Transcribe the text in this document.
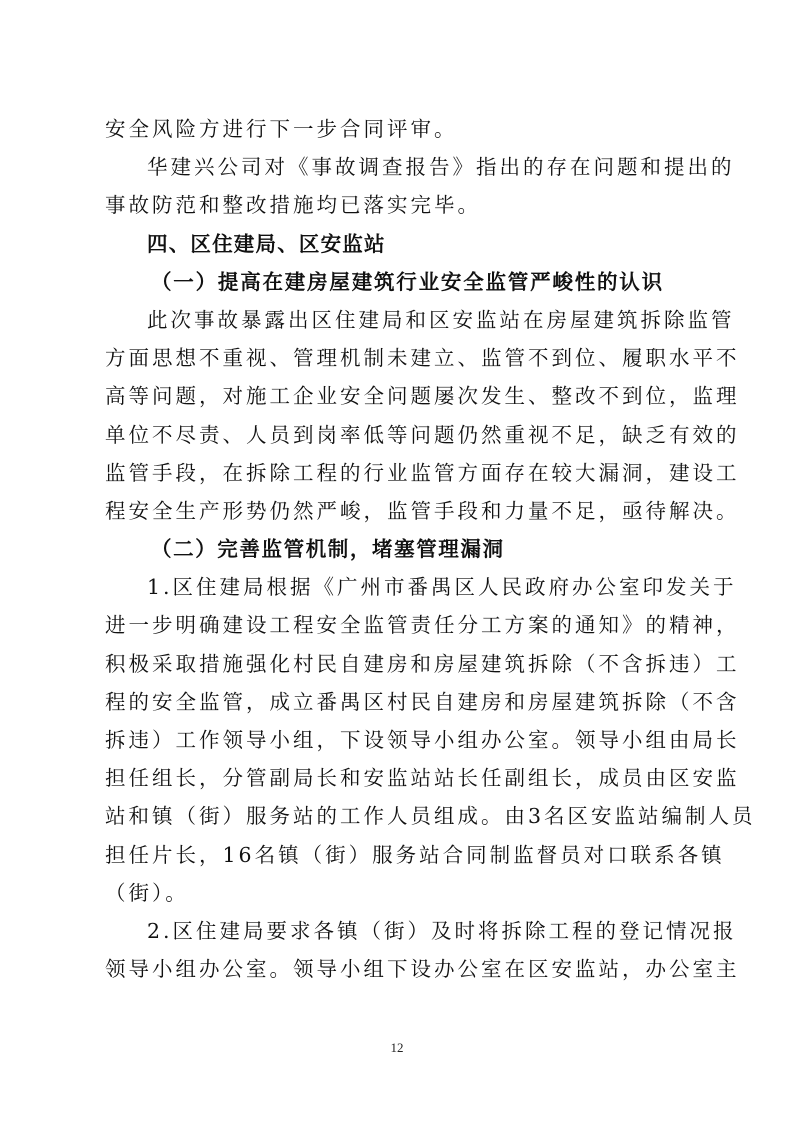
安全风险方进行下一步合同评审。
华建兴公司对《事故调查报告》指出的存在问题和提出的
事故防范和整改措施均已落实完毕。
四、区住建局、区安监站
（一）提高在建房屋建筑行业安全监管严峻性的认识
此次事故暴露出区住建局和区安监站在房屋建筑拆除监管
方面思想不重视、管理机制未建立、监管不到位、履职水平不
高等问题，对施工企业安全问题屡次发生、整改不到位，监理
单位不尽责、人员到岗率低等问题仍然重视不足，缺乏有效的
监管手段，在拆除工程的行业监管方面存在较大漏洞，建设工
程安全生产形势仍然严峻，监管手段和力量不足，亟待解决。
（二）完善监管机制，堵塞管理漏洞
1.区住建局根据《广州市番禺区人民政府办公室印发关于
进一步明确建设工程安全监管责任分工方案的通知》的精神，
积极采取措施强化村民自建房和房屋建筑拆除（不含拆违）工
程的安全监管，成立番禺区村民自建房和房屋建筑拆除（不含
拆违）工作领导小组，下设领导小组办公室。领导小组由局长
担任组长，分管副局长和安监站站长任副组长，成员由区安监
站和镇（街）服务站的工作人员组成。由3名区安监站编制人员
担任片长，16名镇（街）服务站合同制监督员对口联系各镇
（街）。
2.区住建局要求各镇（街）及时将拆除工程的登记情况报
领导小组办公室。领导小组下设办公室在区安监站，办公室主
12
